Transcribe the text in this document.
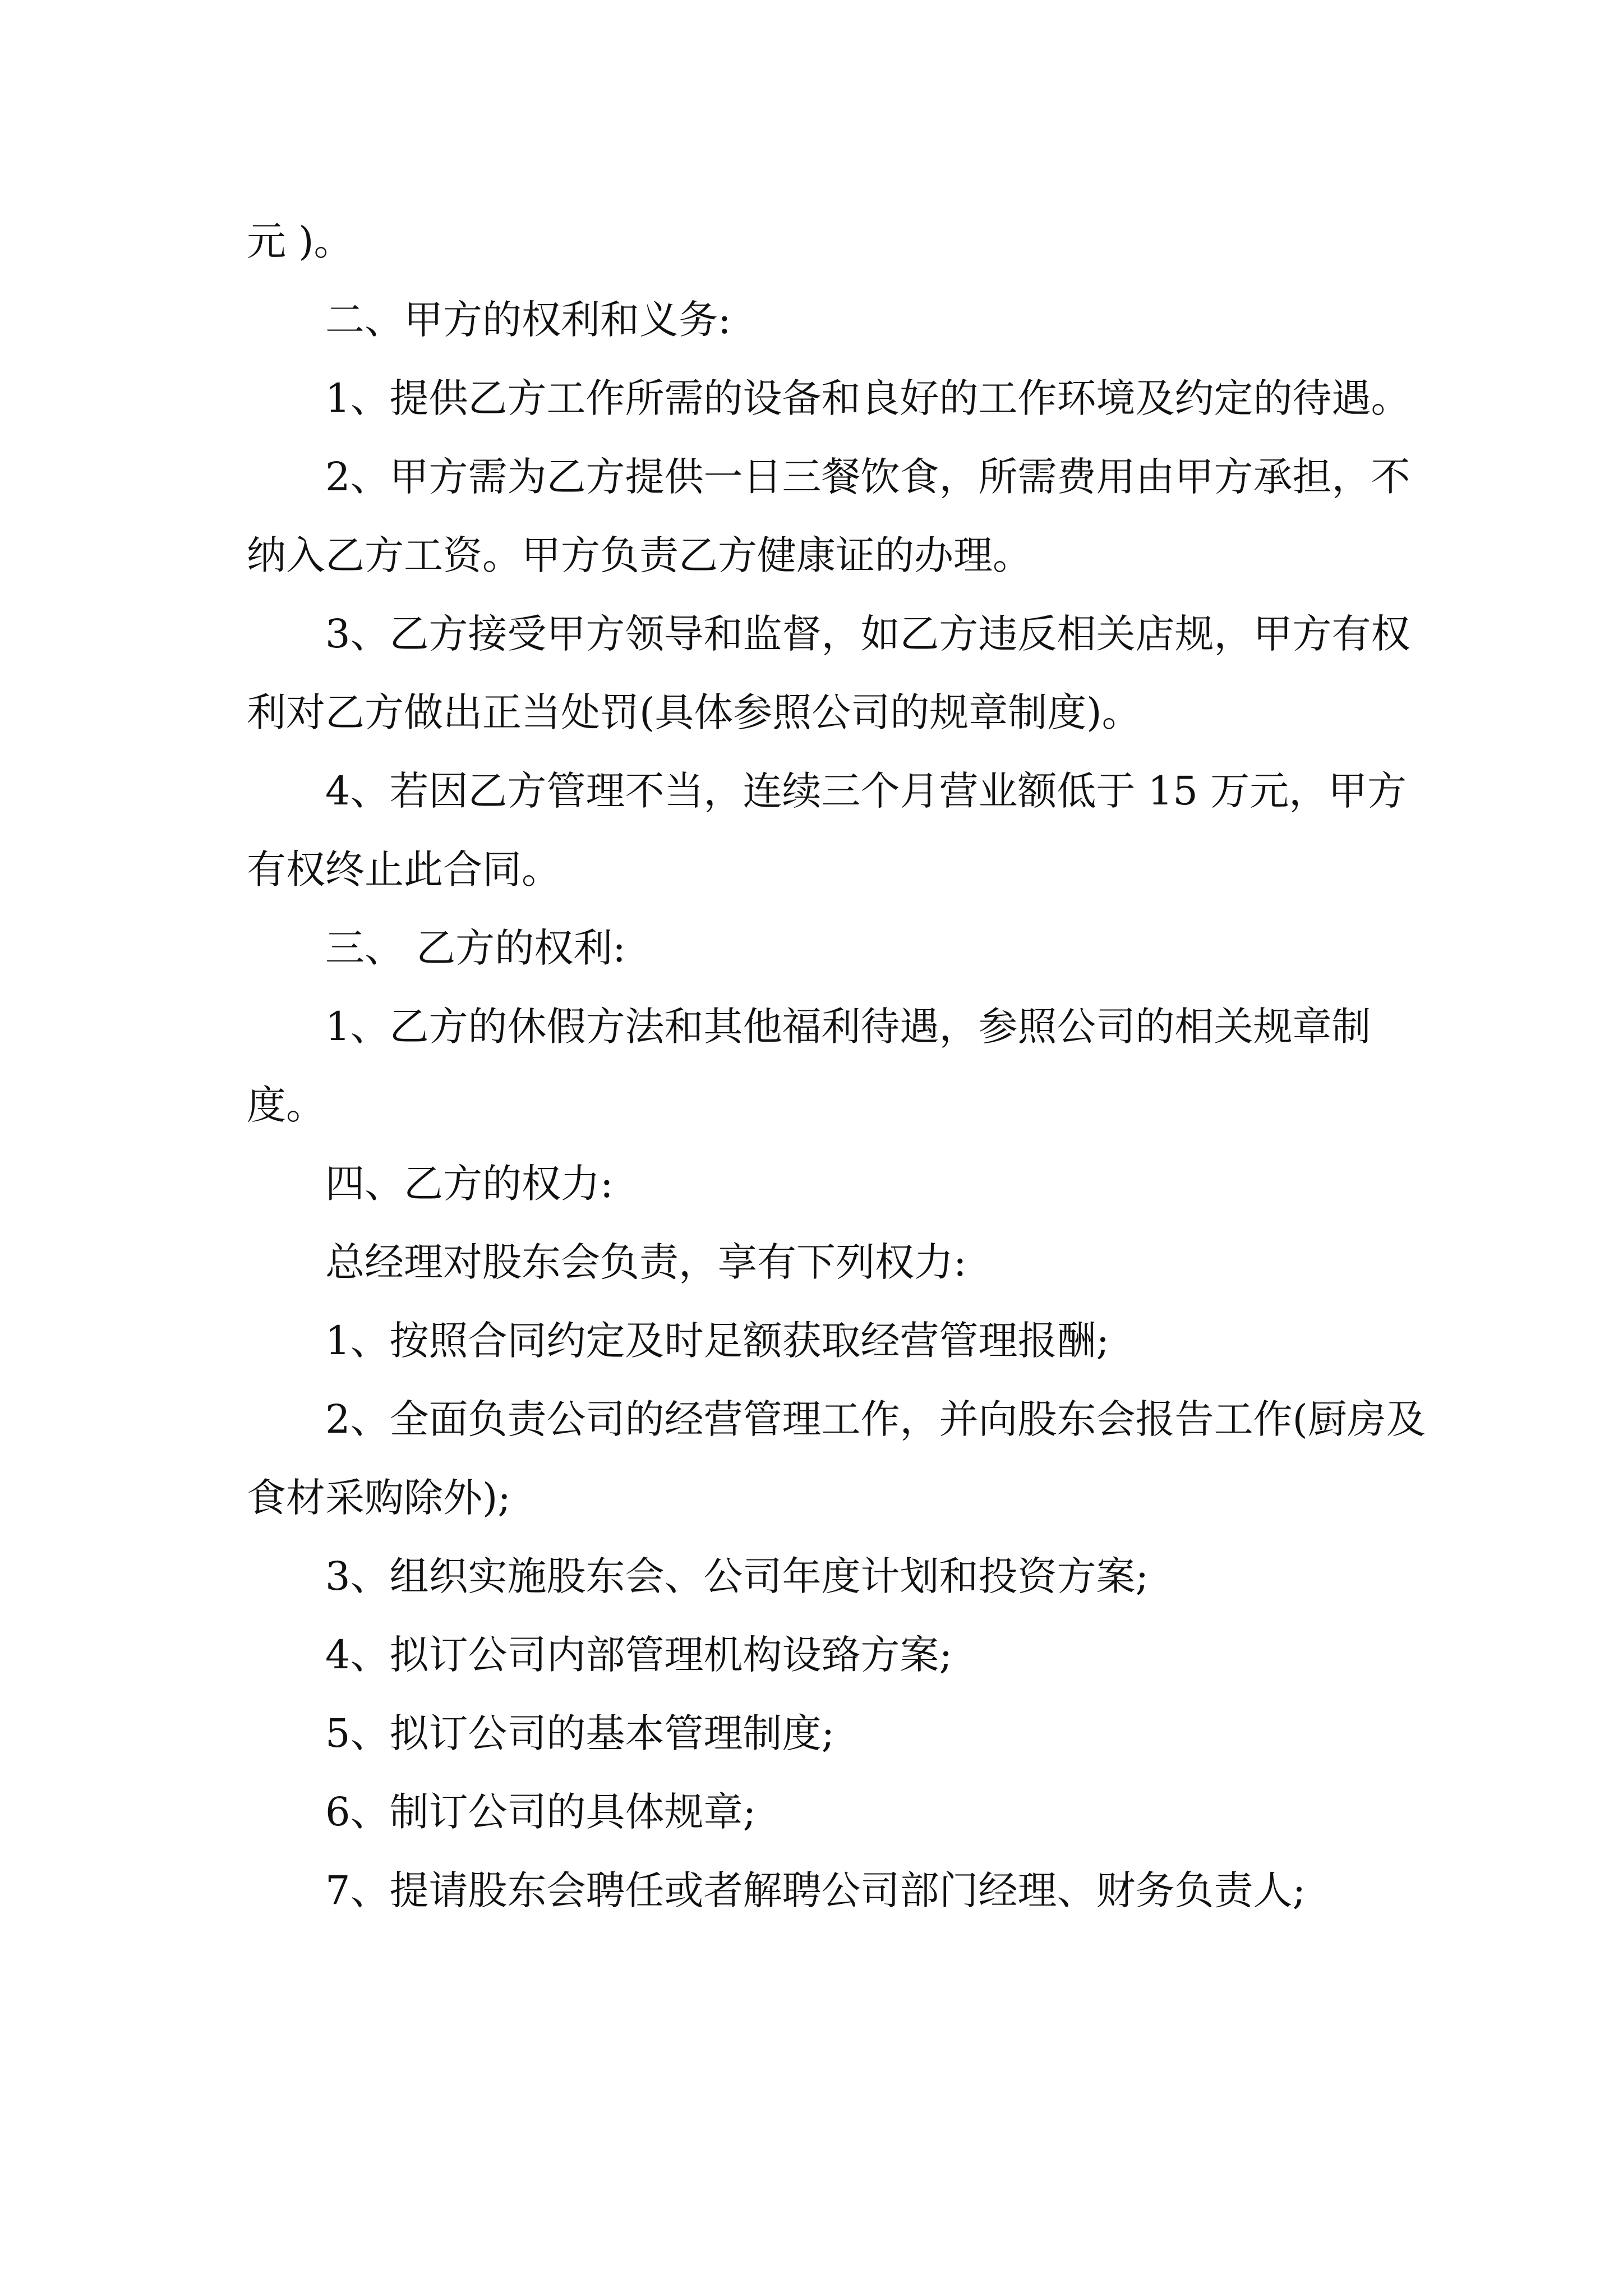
元 )。

二、甲方的权利和义务:

1、提供乙方工作所需的设备和良好的工作环境及约定的待遇。

2、甲方需为乙方提供一日三餐饮食，所需费用由甲方承担，不纳入乙方工资。甲方负责乙方健康证的办理。

3、乙方接受甲方领导和监督，如乙方违反相关店规，甲方有权利对乙方做出正当处罚(具体参照公司的规章制度)。

4、若因乙方管理不当，连续三个月营业额低于 15 万元，甲方有权终止此合同。

三、 乙方的权利:

1、乙方的休假方法和其他福利待遇，参照公司的相关规章制度。

四、乙方的权力:

总经理对股东会负责，享有下列权力:

1、按照合同约定及时足额获取经营管理报酬;

2、全面负责公司的经营管理工作，并向股东会报告工作(厨房及食材采购除外);

3、组织实施股东会、公司年度计划和投资方案;

4、拟订公司内部管理机构设臵方案;

5、拟订公司的基本管理制度;

6、制订公司的具体规章;

7、提请股东会聘任或者解聘公司部门经理、财务负责人;
